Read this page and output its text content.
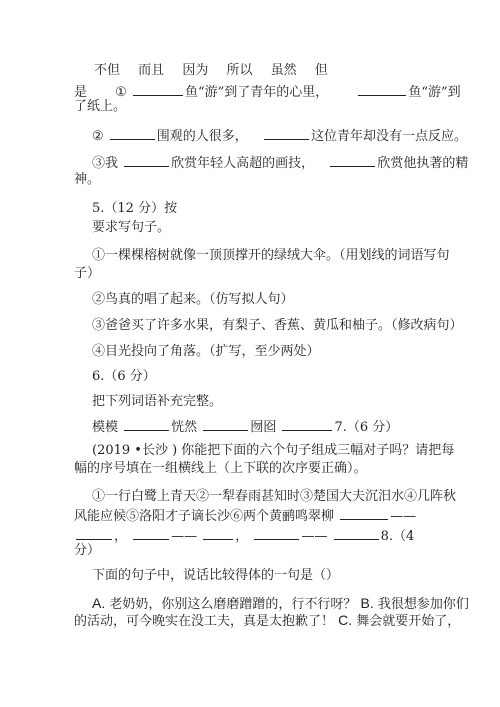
不但 而且 因为 所以 虽然 但
是 ①	鱼“游”到了青年的心里，	鱼“游”到
了纸上。
②	围观的人很多，	这位青年却没有一点反应。
③我	欣赏年轻人高超的画技，	欣赏他执著的精
神。
5.（12 分）按
要求写句子。
①一棵棵榕树就像一顶顶撑开的绿绒大伞。（用划线的词语写句
子）
②鸟真的唱了起来。（仿写拟人句）
③爸爸买了许多水果，有梨子、香蕉、黄瓜和柚子。（修改病句）
④目光投向了角落。（扩写，至少两处）
6.（6 分）
把下列词语补充完整。
模模	恍然	囫囵	7.（6 分）
(2019 •长沙 ) 你能把下面的六个句子组成三幅对子吗？请把每
幅的序号填在一组横线上（上下联的次序要正确）。
①一行白鹭上青天②一犁春雨甚知时③楚国大夫沉汨水④几阵秋
风能应候⑤洛阳才子谪长沙⑥两个黄鹂鸣翠柳	——
，	——	，	——	8.（4
分）
下面的句子中，说话比较得体的一句是（）
A. 老奶奶，你别这么磨磨蹭蹭的，行不行呀？ B. 我很想参加你们
的活动，可今晚实在没工夫，真是太抱歉了！ C. 舞会就要开始了，
